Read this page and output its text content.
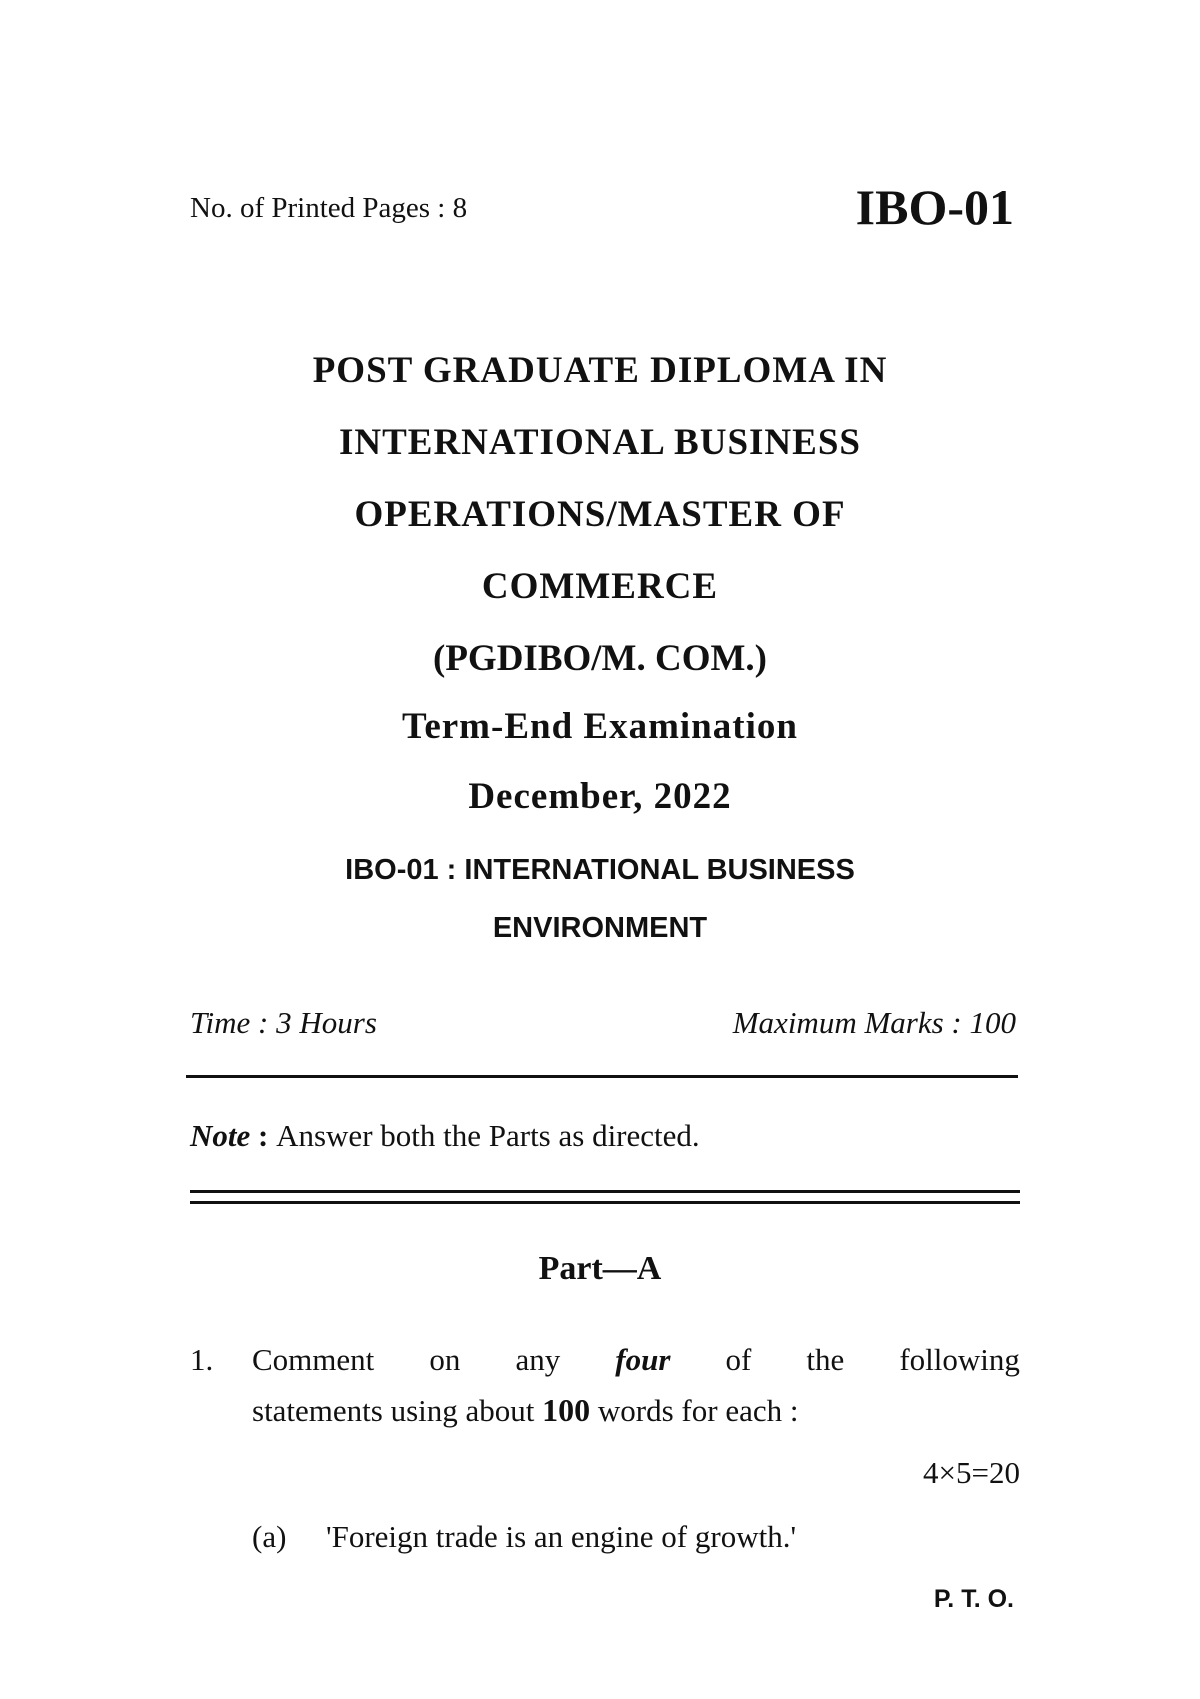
No. of Printed Pages : 8	IBO-01
POST GRADUATE DIPLOMA IN
INTERNATIONAL BUSINESS
OPERATIONS/MASTER OF
COMMERCE
(PGDIBO/M. COM.)
Term-End Examination
December, 2022
IBO-01 : INTERNATIONAL BUSINESS
ENVIRONMENT
Time : 3 Hours	Maximum Marks : 100
Note : Answer both the Parts as directed.
Part—A
1. Comment on any four of the following
statements using about 100 words for each :
4×5=20
(a)	'Foreign trade is an engine of growth.'
P. T. O.
